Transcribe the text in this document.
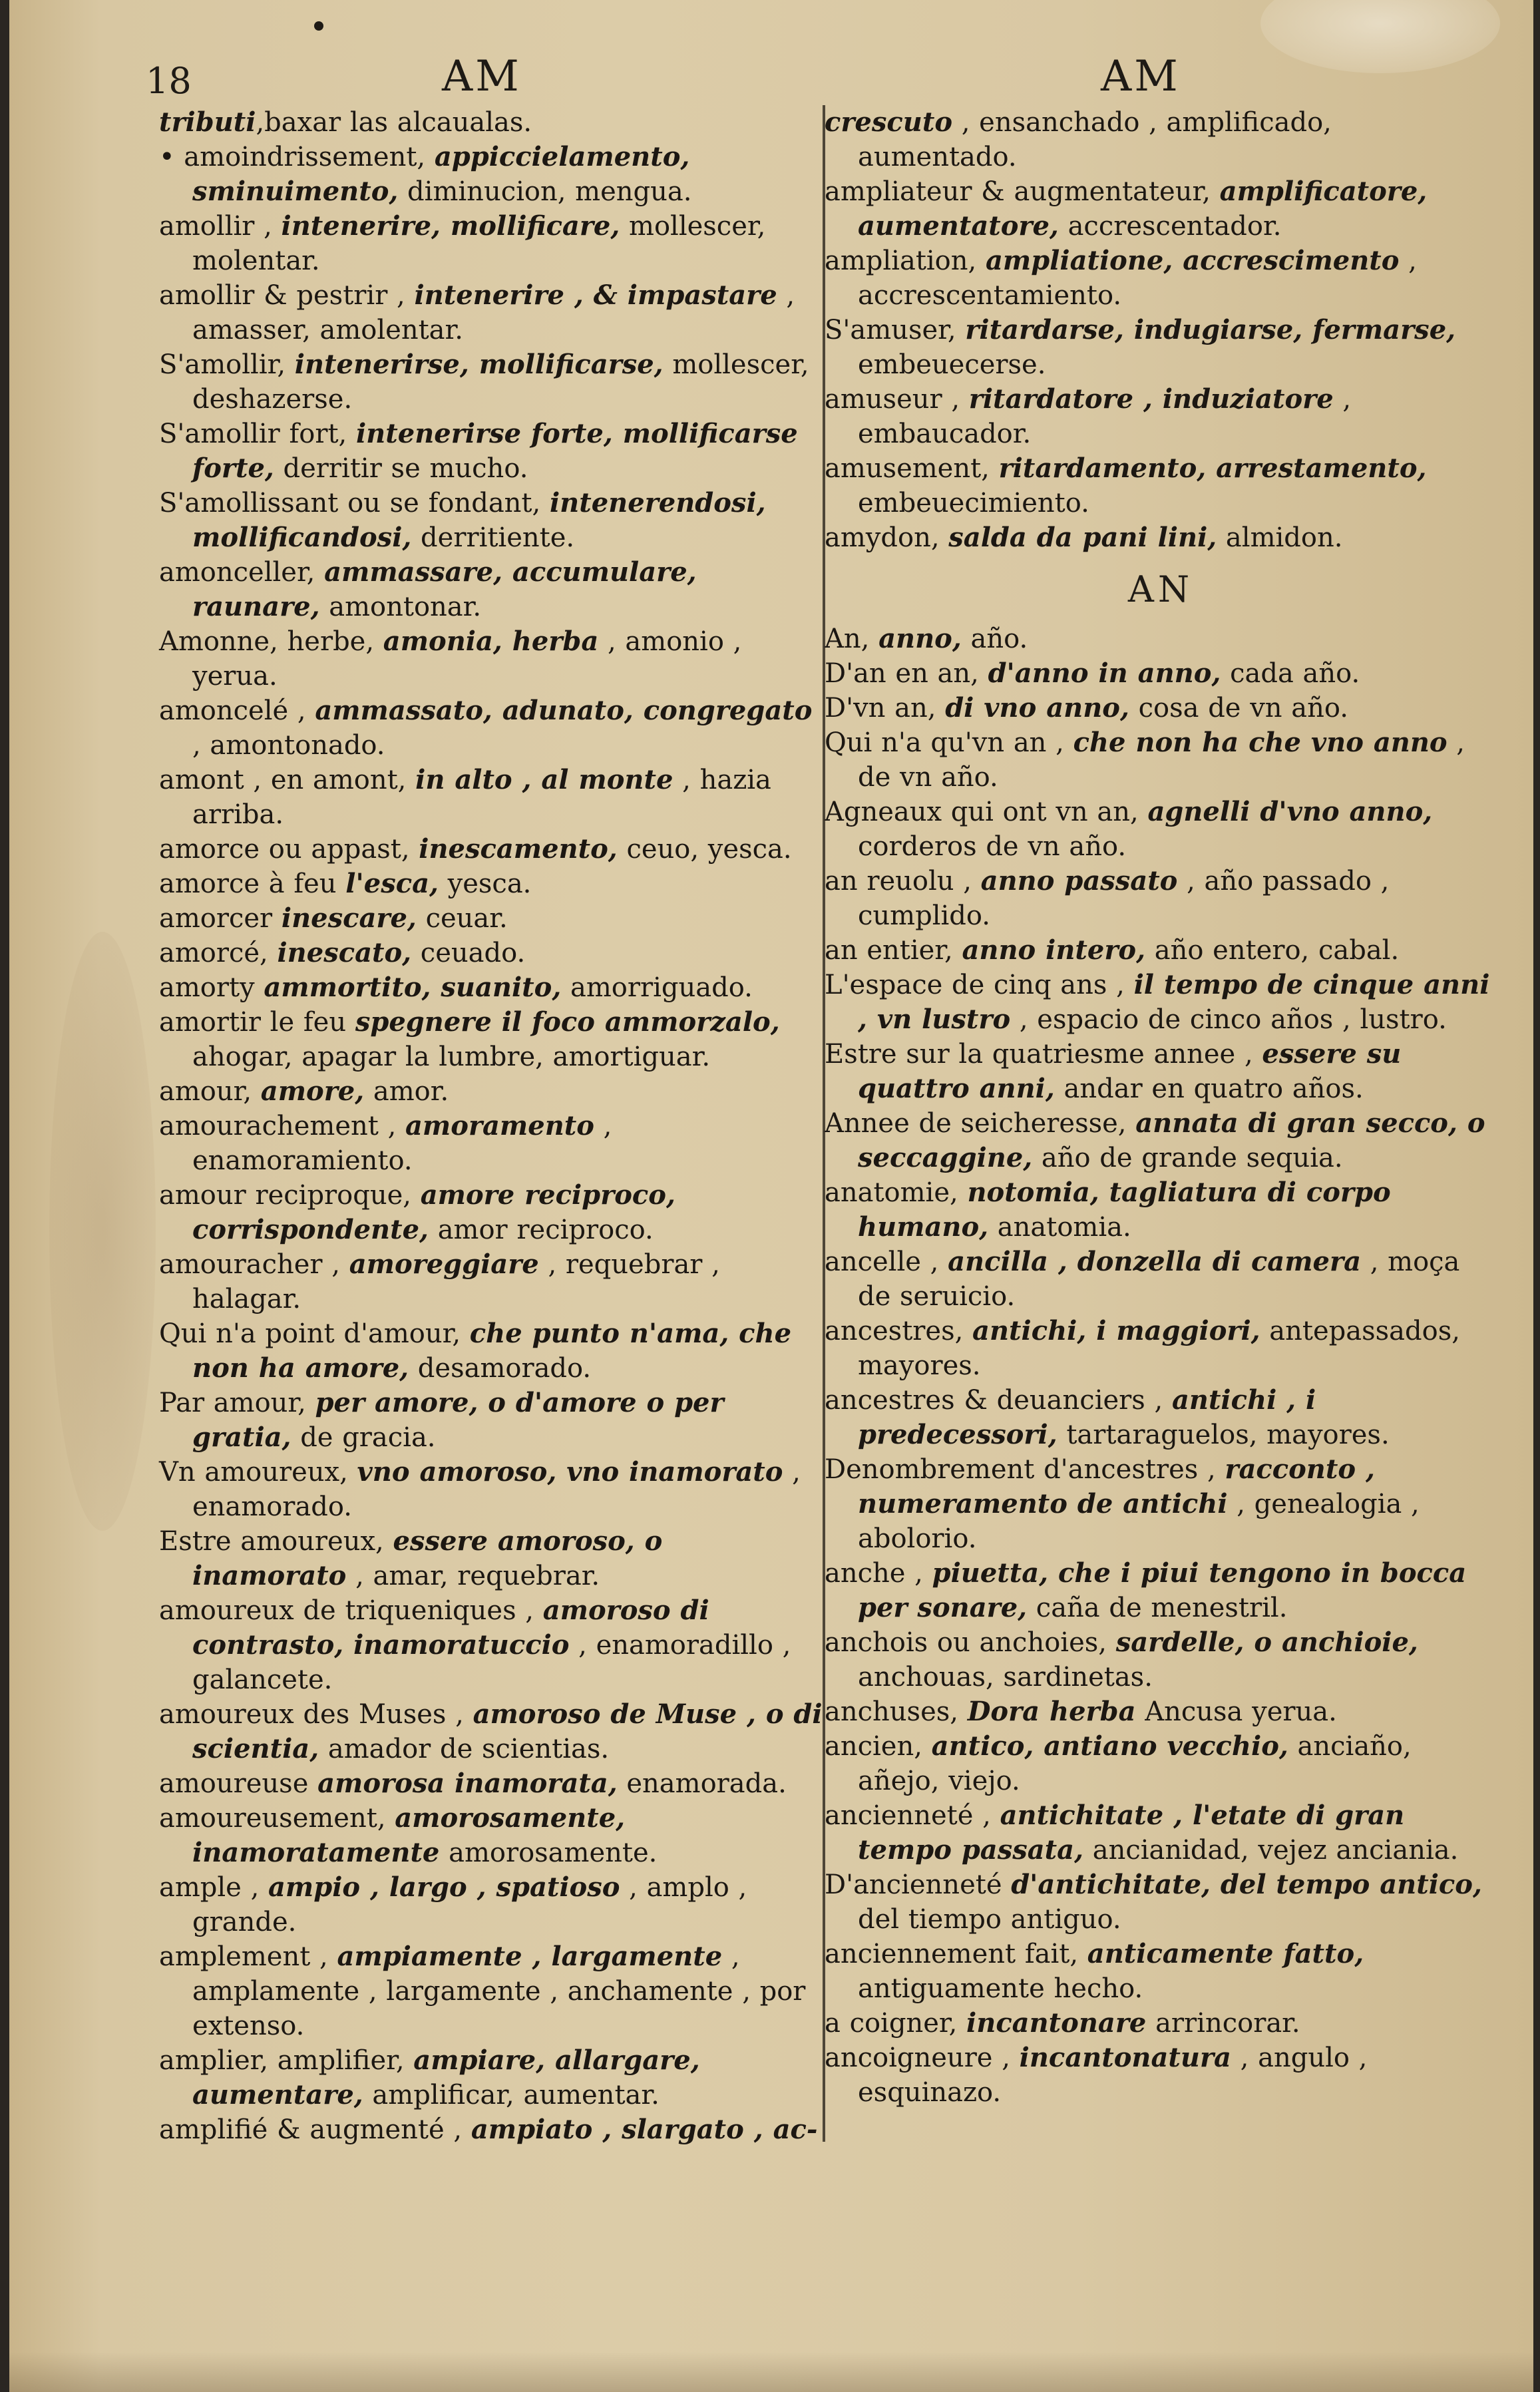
18	AM	AM
tributi,baxar las alcaualas.
• amoindrissement, appiccielamento, sminuimento, diminucion, mengua.
amollir , intenerire, mollificare, mollescer, molentar.
amollir & pestrir , intenerire , & impastare , amasser, amolentar.
S'amollir, intenerirse, mollificarse, mollescer, deshazerse.
S'amollir fort, intenerirse forte, mollificarse forte, derritir se mucho.
S'amollissant ou se fondant, intenerendosi, mollificandosi, derritiente.
amonceller, ammassare, accumulare, raunare, amontonar.
Amonne, herbe, amonia, herba , amonio , yerua.
amoncelé , ammassato, adunato, congregato , amontonado.
amont , en amont, in alto , al monte , hazia arriba.
amorce ou appast, inescamento, ceuo, yesca.
amorce à feu l'esca, yesca.
amorcer inescare, ceuar.
amorcé, inescato, ceuado.
amorty ammortito, suanito, amorriguado.
amortir le feu spegnere il foco ammorzalo, ahogar, apagar la lumbre, amortiguar.
amour, amore, amor.
amourachement , amoramento , enamoramiento.
amour reciproque, amore reciproco, corrispondente, amor reciproco.
amouracher , amoreggiare , requebrar , halagar.
Qui n'a point d'amour, che punto n'ama, che non ha amore, desamorado.
Par amour, per amore, o d'amore o per gratia, de gracia.
Vn amoureux, vno amoroso, vno inamorato , enamorado.
Estre amoureux, essere amoroso, o inamorato , amar, requebrar.
amoureux de triqueniques , amoroso di contrasto, inamoratuccio , enamoradillo , galancete.
amoureux des Muses , amoroso de Muse , o di scientia, amador de scientias.
amoureuse amorosa inamorata, enamorada.
amoureusement, amorosamente, inamoratamente amorosamente.
ample , ampio , largo , spatioso , amplo , grande.
amplement , ampiamente , largamente , amplamente , largamente , anchamente , por extenso.
amplier, amplifier, ampiare, allargare, aumentare, amplificar, aumentar.
amplifié & augmenté , ampiato , slargato , ac-
crescuto , ensanchado , amplificado, aumentado.
ampliateur & augmentateur, amplificatore, aumentatore, accrescentador.
ampliation, ampliatione, accrescimento , accrescentamiento.
S'amuser, ritardarse, indugiarse, fermarse, embeuecerse.
amuseur , ritardatore , induziatore , embaucador.
amusement, ritardamento, arrestamento, embeuecimiento.
amydon, salda da pani lini, almidon.
AN
An, anno, año.
D'an en an, d'anno in anno, cada año.
D'vn an, di vno anno, cosa de vn año.
Qui n'a qu'vn an , che non ha che vno anno , de vn año.
Agneaux qui ont vn an, agnelli d'vno anno, corderos de vn año.
an reuolu , anno passato , año passado , cumplido.
an entier, anno intero, año entero, cabal.
L'espace de cinq ans , il tempo de cinque anni , vn lustro , espacio de cinco años , lustro.
Estre sur la quatriesme annee , essere su quattro anni, andar en quatro años.
Annee de seicheresse, annata di gran secco, o seccaggine, año de grande sequia.
anatomie, notomia, tagliatura di corpo humano, anatomia.
ancelle , ancilla , donzella di camera , moça de seruicio.
ancestres, antichi, i maggiori, antepassados, mayores.
ancestres & deuanciers , antichi , i predecessori, tartaraguelos, mayores.
Denombrement d'ancestres , racconto , numeramento de antichi , genealogia , abolorio.
anche , piuetta, che i piui tengono in bocca per sonare, caña de menestril.
anchois ou anchoies, sardelle, o anchioie, anchouas, sardinetas.
anchuses, Dora herba Ancusa yerua.
ancien, antico, antiano vecchio, anciaño, añejo, viejo.
ancienneté , antichitate , l'etate di gran tempo passata, ancianidad, vejez anciania.
D'ancienneté d'antichitate, del tempo antico, del tiempo antiguo.
anciennement fait, anticamente fatto, antiguamente hecho.
a coigner, incantonare arrincorar.
ancoigneure , incantonatura , angulo , esquinazo.
